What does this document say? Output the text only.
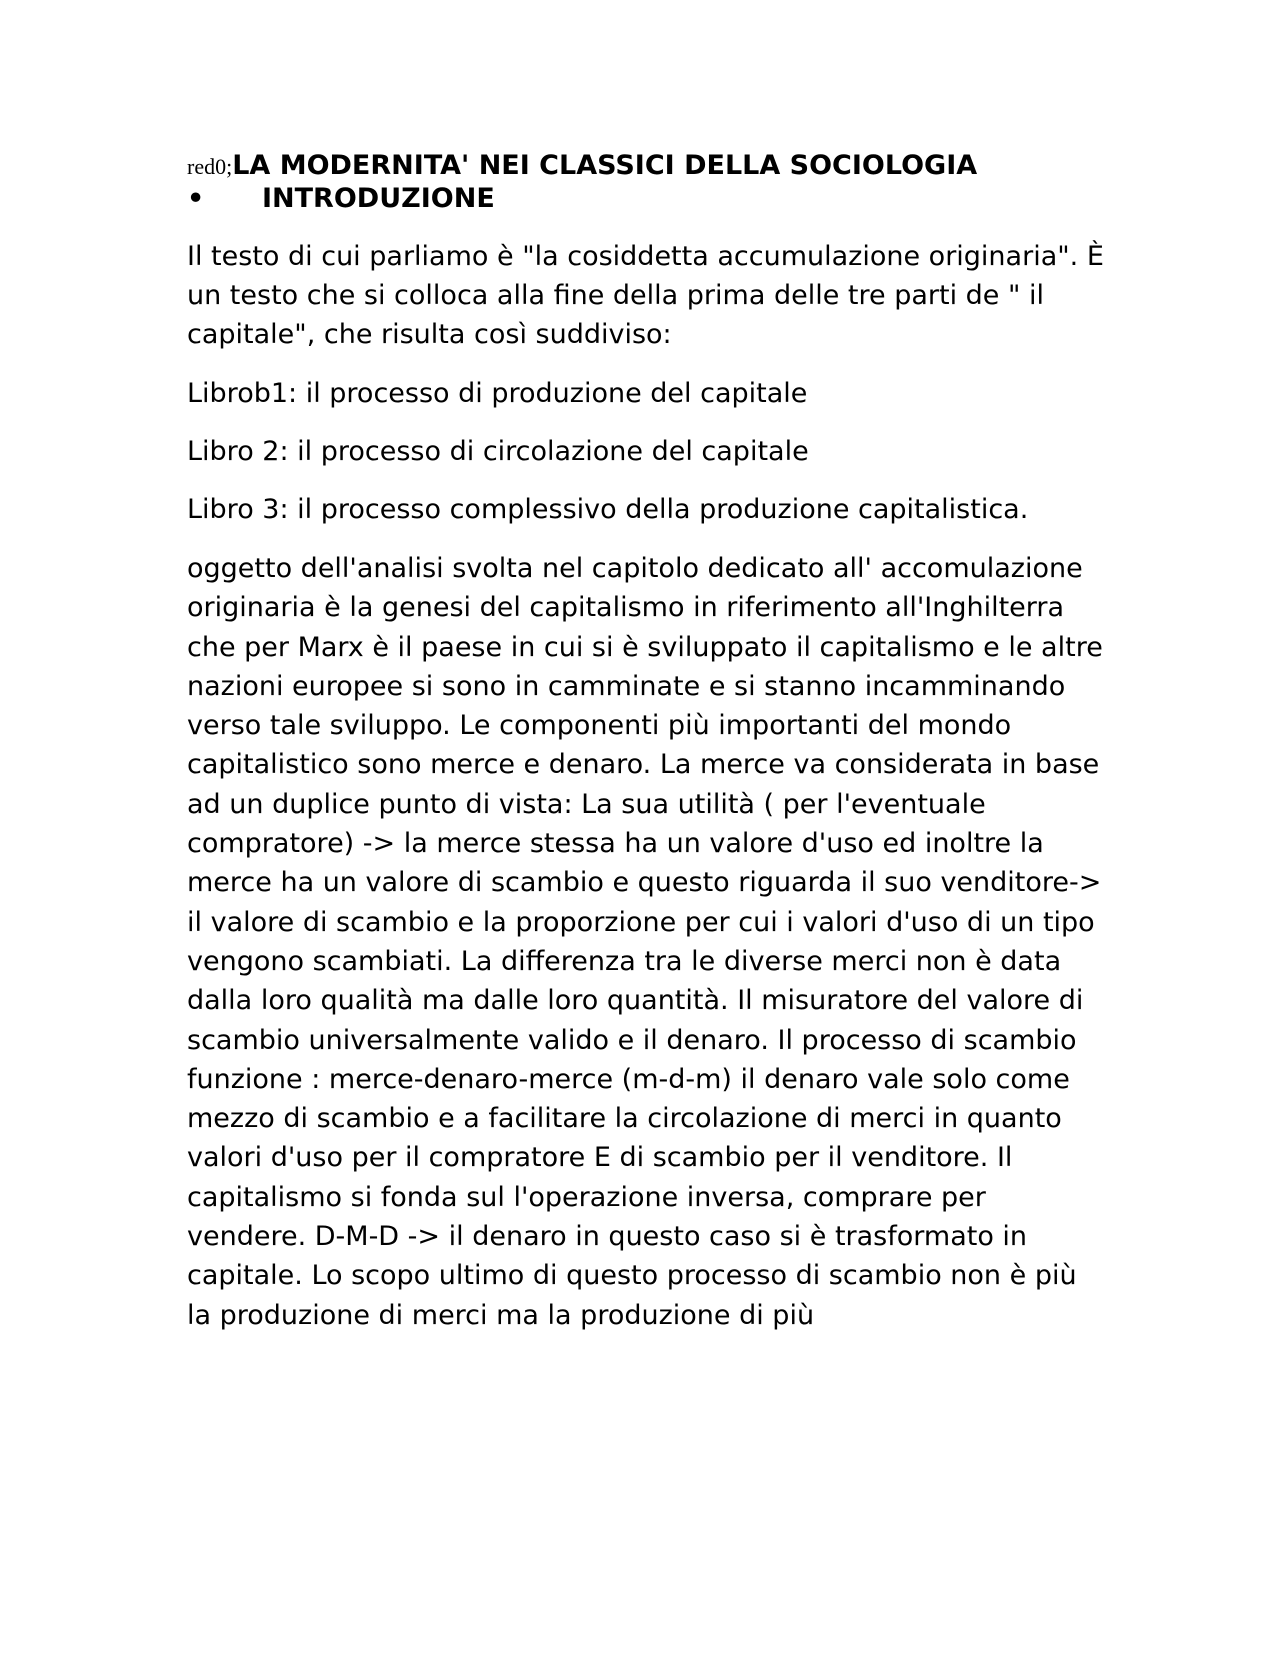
red0;LA MODERNITA' NEI CLASSICI DELLA SOCIOLOGIA
•	INTRODUZIONE

Il testo di cui parliamo è "la cosiddetta accumulazione originaria". È un testo che si colloca alla fine della prima delle tre parti de " il capitale", che risulta così suddiviso:

Librob1: il processo di produzione del capitale

Libro 2: il processo di circolazione del capitale

Libro 3: il processo complessivo della produzione capitalistica.

oggetto dell'analisi svolta nel capitolo dedicato all' accomulazione originaria è la genesi del capitalismo in riferimento all'Inghilterra che per Marx è il paese in cui si è sviluppato il capitalismo e le altre nazioni europee si sono in camminate e si stanno incamminando verso tale sviluppo. Le componenti più importanti del mondo capitalistico sono merce e denaro. La merce va considerata in base ad un duplice punto di vista: La sua utilità ( per l'eventuale compratore) -> la merce stessa ha un valore d'uso ed inoltre la merce ha un valore di scambio e questo riguarda il suo venditore-> il valore di scambio e la proporzione per cui i valori d'uso di un tipo vengono scambiati. La differenza tra le diverse merci non è data dalla loro qualità ma dalle loro quantità. Il misuratore del valore di scambio universalmente valido e il denaro. Il processo di scambio funzione : merce-denaro-merce (m-d-m) il denaro vale solo come mezzo di scambio e a facilitare la circolazione di merci in quanto valori d'uso per il compratore E di scambio per il venditore. Il capitalismo si fonda sul l'operazione inversa, comprare per vendere. D-M-D -> il denaro in questo caso si è trasformato in capitale. Lo scopo ultimo di questo processo di scambio non è più la produzione di merci ma la produzione di più
